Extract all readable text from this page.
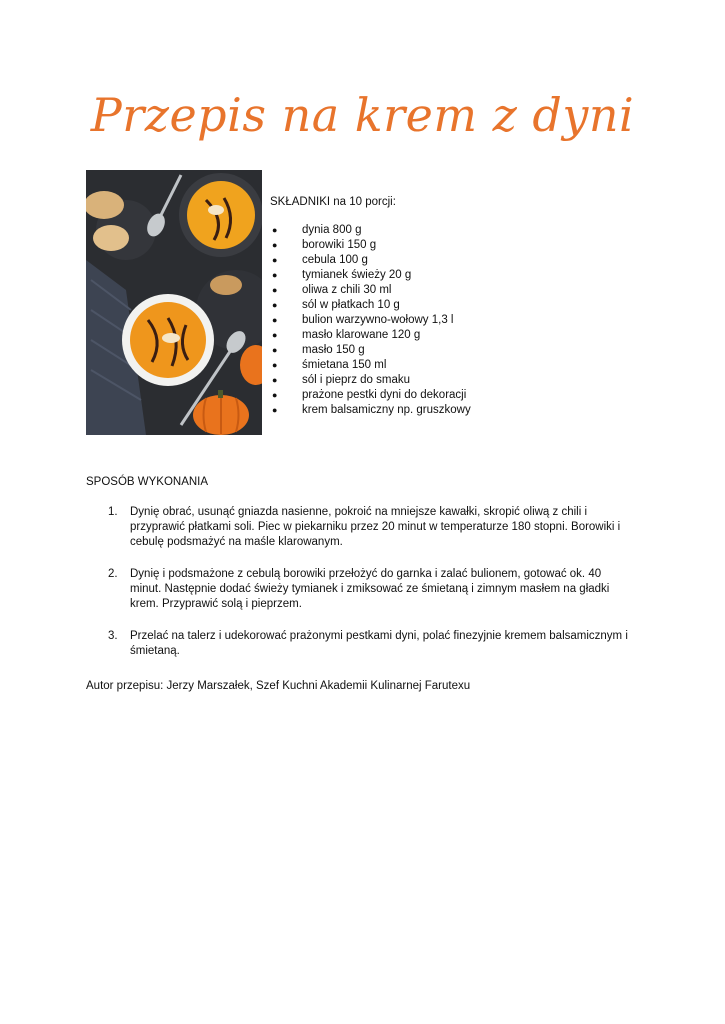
Przepis na krem z dyni

SKŁADNIKI na 10 porcji:

● dynia 800 g
● borowiki 150 g
● cebula 100 g
● tymianek świeży 20 g
● oliwa z chili 30 ml
● sól w płatkach 10 g
● bulion warzywno-wołowy 1,3 l
● masło klarowane 120 g
● masło 150 g
● śmietana 150 ml
● sól i pieprz do smaku
● prażone pestki dyni do dekoracji
● krem balsamiczny np. gruszkowy

SPOSÓB WYKONANIA

1. Dynię obrać, usunąć gniazda nasienne, pokroić na mniejsze kawałki, skropić oliwą z chili i przyprawić płatkami soli. Piec w piekarniku przez 20 minut w temperaturze 180 stopni. Borowiki i cebulę podsmażyć na maśle klarowanym.
2. Dynię i podsmażone z cebulą borowiki przełożyć do garnka i zalać bulionem, gotować ok. 40 minut. Następnie dodać świeży tymianek i zmiksować ze śmietaną i zimnym masłem na gładki krem. Przyprawić solą i pieprzem.
3. Przelać na talerz i udekorować prażonymi pestkami dyni, polać finezyjnie kremem balsamicznym i śmietaną.

Autor przepisu: Jerzy Marszałek, Szef Kuchni Akademii Kulinarnej Farutexu
